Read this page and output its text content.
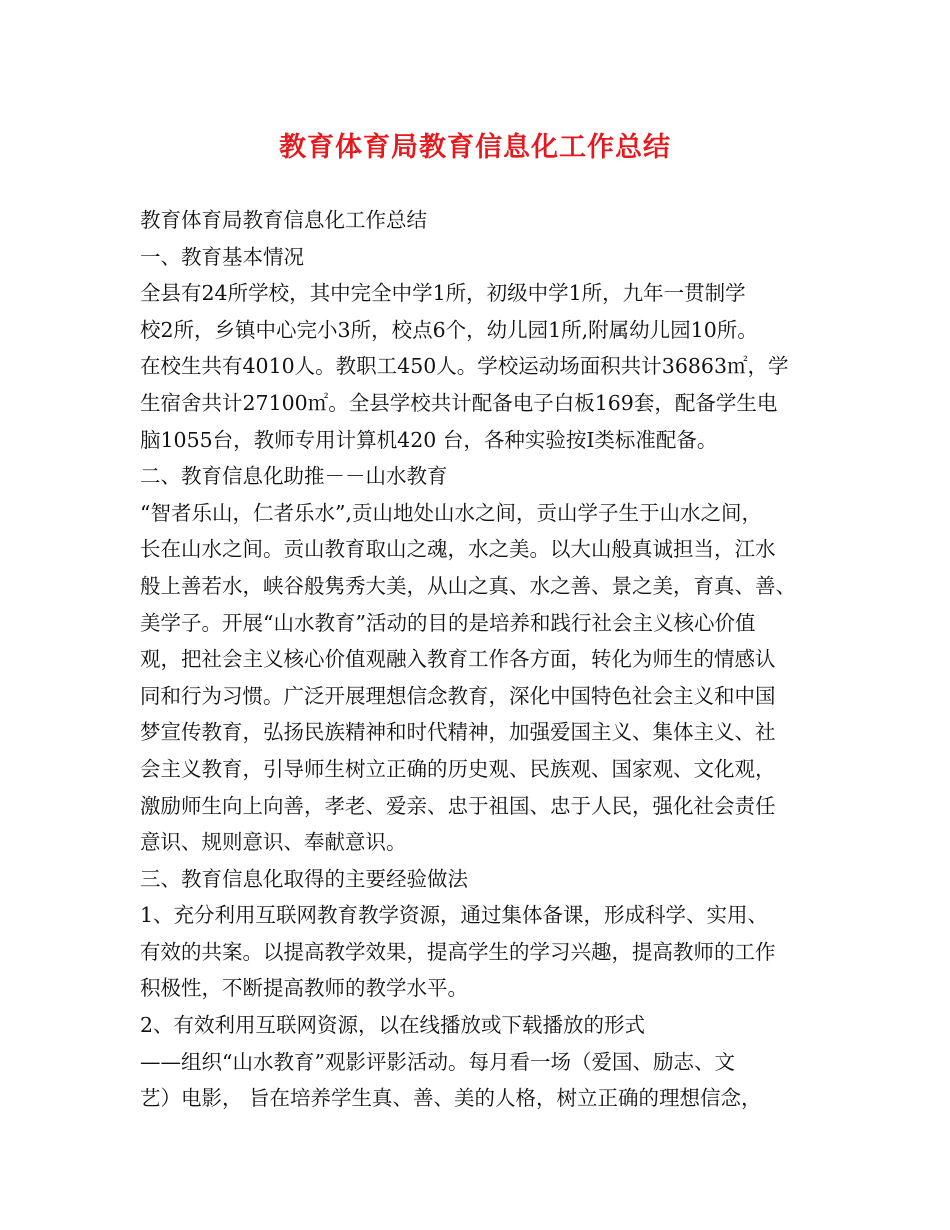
教育体育局教育信息化工作总结
教育体育局教育信息化工作总结
一、教育基本情况
全县有24所学校，其中完全中学1所，初级中学1所，九年一贯制学
校2所，乡镇中心完小3所，校点6个，幼儿园1所,附属幼儿园10所。
在校生共有4010人。教职工450人。学校运动场面积共计36863㎡，学
生宿舍共计27100㎡。全县学校共计配备电子白板169套，配备学生电
脑1055台，教师专用计算机420 台，各种实验按Ⅰ类标准配备。
二、教育信息化助推－－山水教育
“智者乐山，仁者乐水”,贡山地处山水之间，贡山学子生于山水之间，
长在山水之间。贡山教育取山之魂，水之美。以大山般真诚担当，江水
般上善若水，峡谷般隽秀大美，从山之真、水之善、景之美，育真、善、
美学子。开展“山水教育”活动的目的是培养和践行社会主义核心价值
观，把社会主义核心价值观融入教育工作各方面，转化为师生的情感认
同和行为习惯。广泛开展理想信念教育，深化中国特色社会主义和中国
梦宣传教育，弘扬民族精神和时代精神，加强爱国主义、集体主义、社
会主义教育，引导师生树立正确的历史观、民族观、国家观、文化观，
激励师生向上向善，孝老、爱亲、忠于祖国、忠于人民，强化社会责任
意识、规则意识、奉献意识。
三、教育信息化取得的主要经验做法
1、充分利用互联网教育教学资源，通过集体备课，形成科学、实用、
有效的共案。以提高教学效果，提高学生的学习兴趣，提高教师的工作
积极性，不断提高教师的教学水平。
2、有效利用互联网资源，以在线播放或下载播放的形式
——组织“山水教育”观影评影活动。每月看一场（爱国、励志、文
艺）电影， 旨在培养学生真、善、美的人格，树立正确的理想信念，
